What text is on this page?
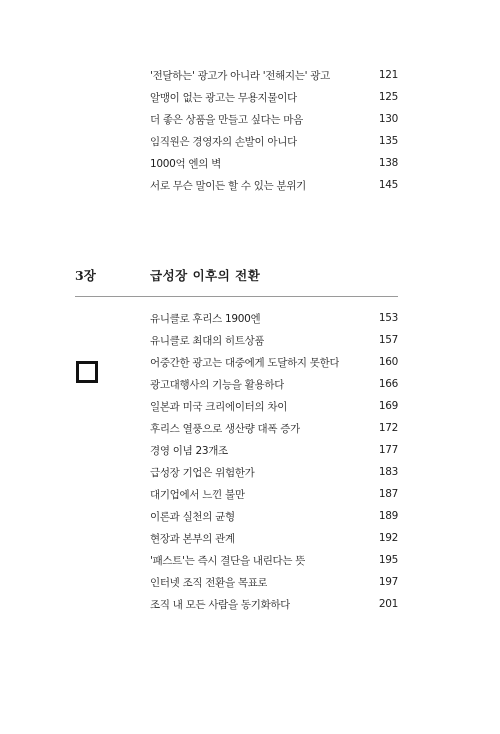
'전달하는' 광고가 아니라 '전해지는' 광고	121
알맹이 없는 광고는 무용지물이다	125
더 좋은 상품을 만들고 싶다는 마음	130
임직원은 경영자의 손발이 아니다	135
1000억 엔의 벽	138
서로 무슨 말이든 할 수 있는 분위기	145
3장	급성장 이후의 전환
유니클로 후리스 1900엔	153
유니클로 최대의 히트상품	157
어중간한 광고는 대중에게 도달하지 못한다	160
광고대행사의 기능을 활용하다	166
일본과 미국 크리에이터의 차이	169
후리스 열풍으로 생산량 대폭 증가	172
경영 이념 23개조	177
급성장 기업은 위험한가	183
대기업에서 느낀 불만	187
이론과 실천의 균형	189
현장과 본부의 관계	192
'패스트'는 즉시 결단을 내린다는 뜻	195
인터넷 조직 전환을 목표로	197
조직 내 모든 사람을 동기화하다	201
